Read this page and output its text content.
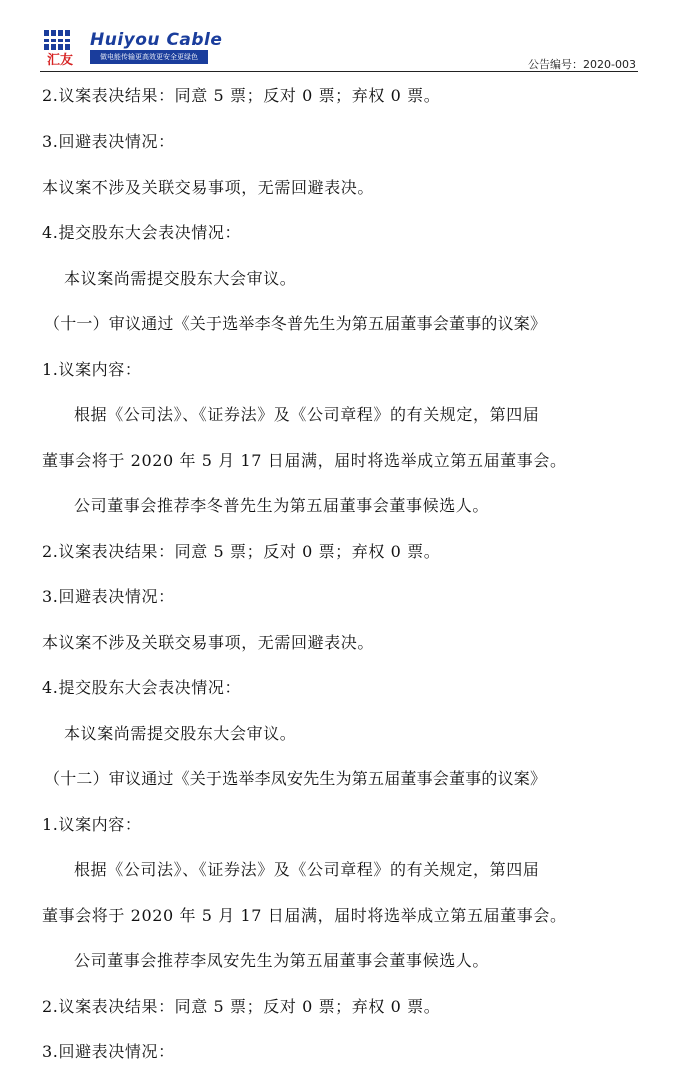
汇友
Huiyou Cable
做电能传输更高效更安全更绿色
公告编号：2020-003
2.议案表决结果：同意 5 票；反对 0 票；弃权 0 票。
3.回避表决情况：
本议案不涉及关联交易事项，无需回避表决。
4.提交股东大会表决情况：
本议案尚需提交股东大会审议。
（十一）审议通过《关于选举李冬普先生为第五届董事会董事的议案》
1.议案内容：
根据《公司法》、《证券法》及《公司章程》的有关规定，第四届
董事会将于 2020 年 5 月 17 日届满，届时将选举成立第五届董事会。
公司董事会推荐李冬普先生为第五届董事会董事候选人。
2.议案表决结果：同意 5 票；反对 0 票；弃权 0 票。
3.回避表决情况：
本议案不涉及关联交易事项，无需回避表决。
4.提交股东大会表决情况：
本议案尚需提交股东大会审议。
（十二）审议通过《关于选举李凤安先生为第五届董事会董事的议案》
1.议案内容：
根据《公司法》、《证券法》及《公司章程》的有关规定，第四届
董事会将于 2020 年 5 月 17 日届满，届时将选举成立第五届董事会。
公司董事会推荐李凤安先生为第五届董事会董事候选人。
2.议案表决结果：同意 5 票；反对 0 票；弃权 0 票。
3.回避表决情况：
